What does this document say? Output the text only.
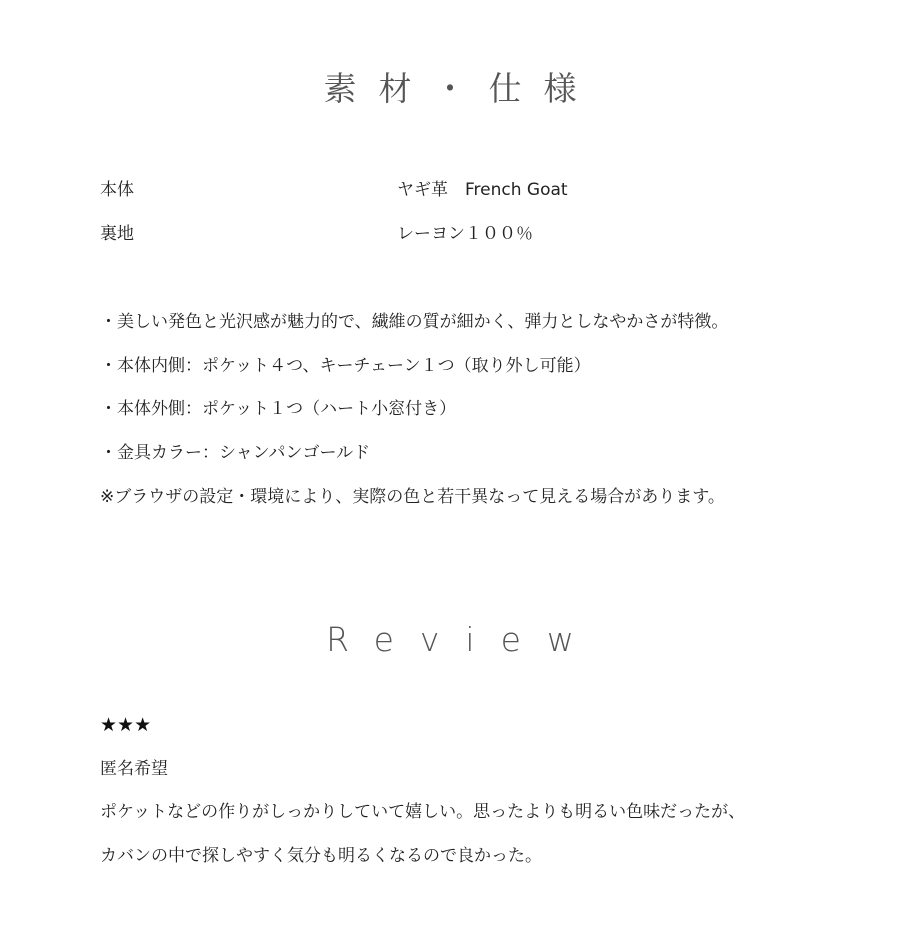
素材・仕様
本体	ヤギ革　French Goat
裏地	レーヨン１００％
・美しい発色と光沢感が魅力的で、繊維の質が細かく、弾力としなやかさが特徴。
・本体内側：ポケット４つ、キーチェーン１つ（取り外し可能）
・本体外側：ポケット１つ（ハート小窓付き）
・金具カラー：シャンパンゴールド
※ブラウザの設定・環境により、実際の色と若干異なって見える場合があります。
Review
★★★
匿名希望
ポケットなどの作りがしっかりしていて嬉しい。思ったよりも明るい色味だったが、
カバンの中で探しやすく気分も明るくなるので良かった。
